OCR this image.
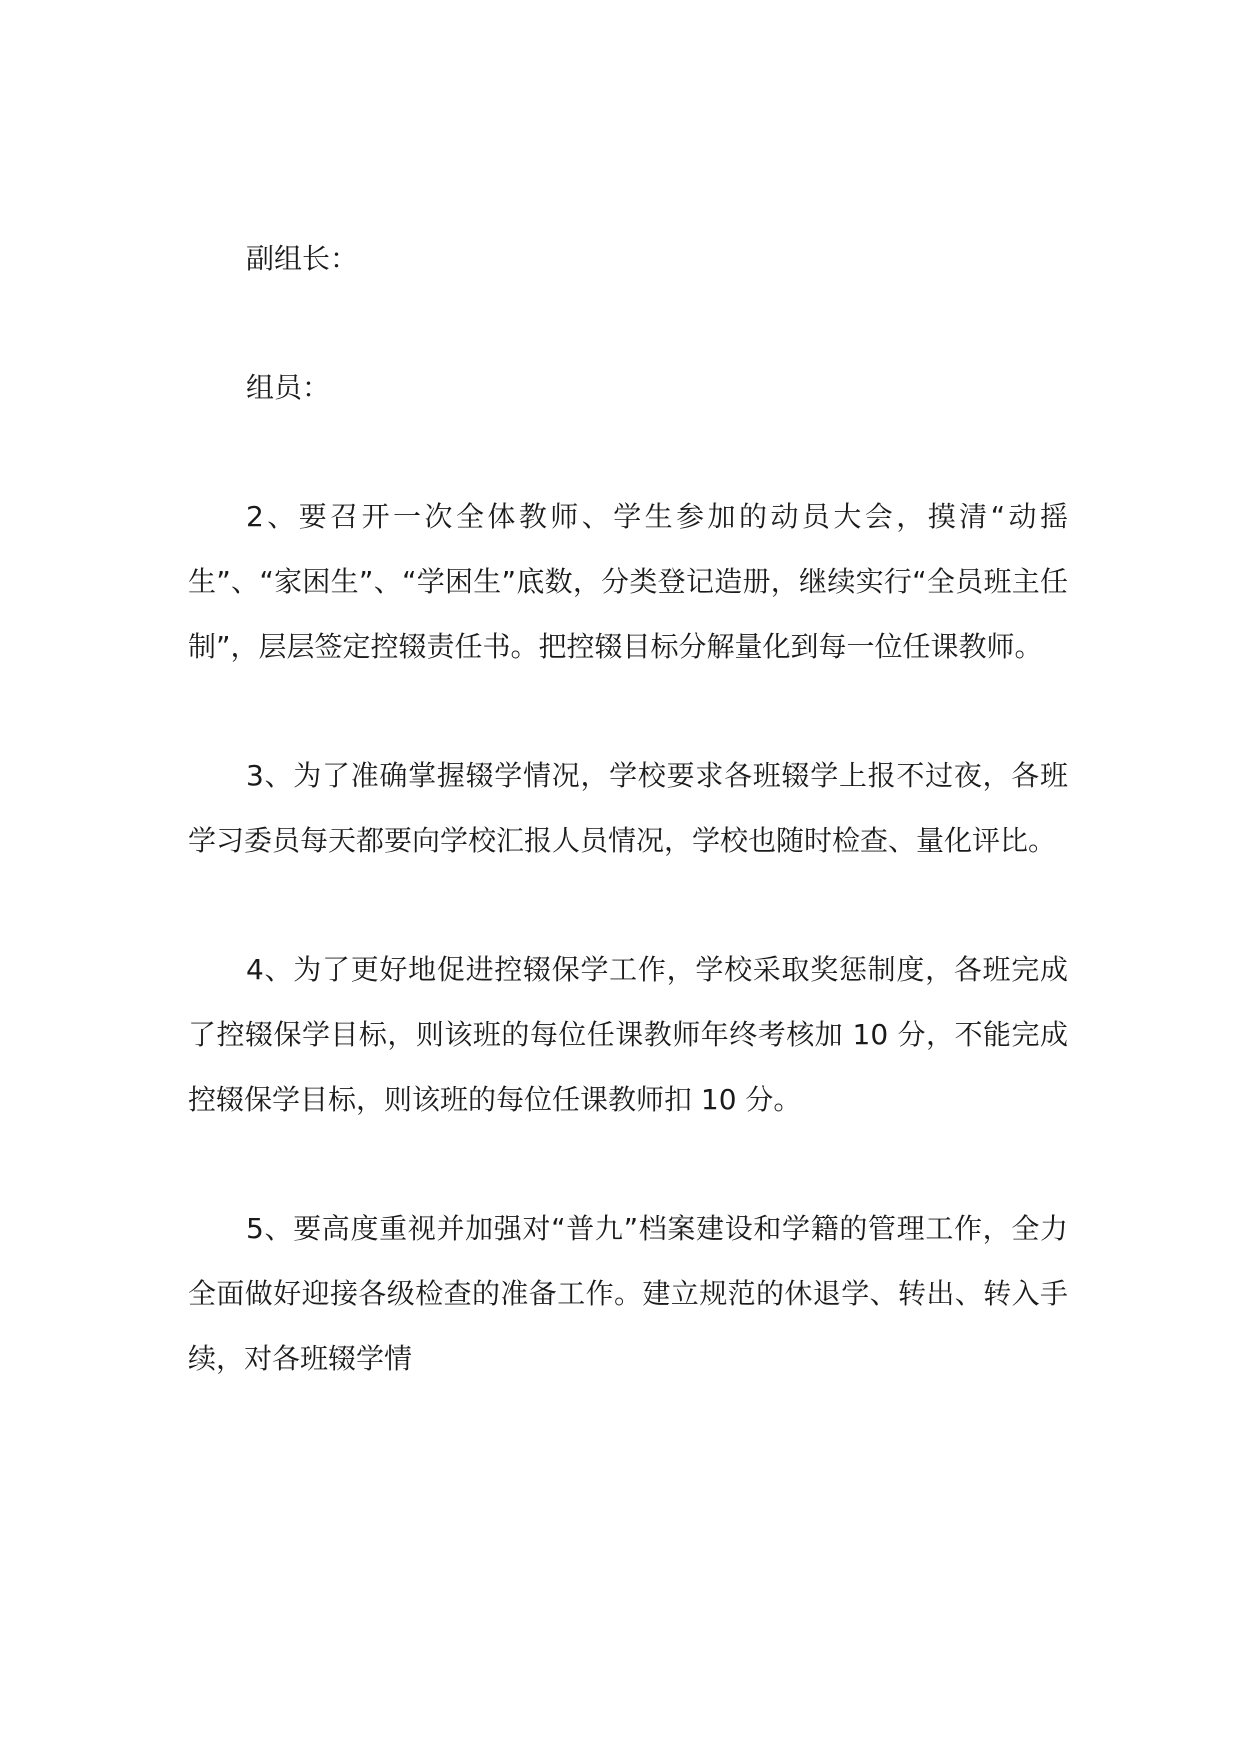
副组长：

组员：

2、要召开一次全体教师、学生参加的动员大会，摸清“动摇生”、“家困生”、“学困生”底数，分类登记造册，继续实行“全员班主任制”，层层签定控辍责任书。把控辍目标分解量化到每一位任课教师。

3、为了准确掌握辍学情况，学校要求各班辍学上报不过夜，各班学习委员每天都要向学校汇报人员情况，学校也随时检查、量化评比。

4、为了更好地促进控辍保学工作，学校采取奖惩制度，各班完成了控辍保学目标，则该班的每位任课教师年终考核加 10 分，不能完成控辍保学目标，则该班的每位任课教师扣 10 分。

5、要高度重视并加强对“普九”档案建设和学籍的管理工作，全力全面做好迎接各级检查的准备工作。建立规范的休退学、转出、转入手续，对各班辍学情
